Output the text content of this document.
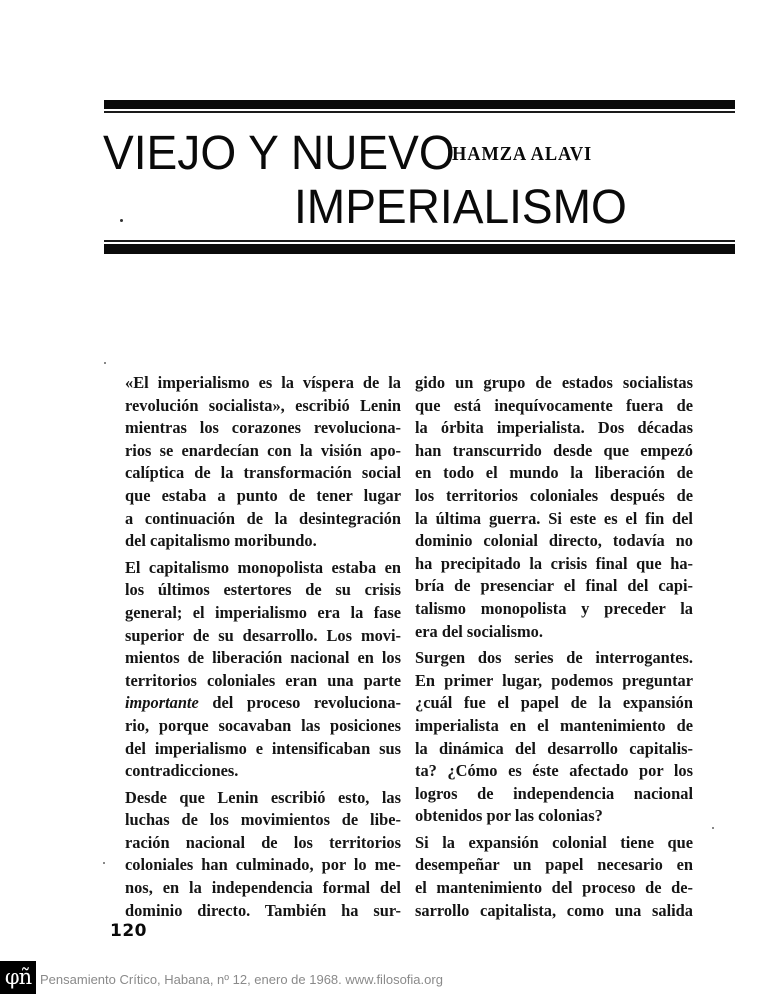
VIEJO Y NUEVO
HAMZA ALAVI
IMPERIALISMO
«El imperialismo es la víspera de la
revolución socialista», escribió Lenin
mientras los corazones revoluciona-
rios se enardecían con la visión apo-
calíptica de la transformación social
que estaba a punto de tener lugar
a continuación de la desintegración
del capitalismo moribundo.
El capitalismo monopolista estaba en
los últimos estertores de su crisis
general; el imperialismo era la fase
superior de su desarrollo. Los movi-
mientos de liberación nacional en los
territorios coloniales eran una parte
importante del proceso revoluciona-
rio, porque socavaban las posiciones
del imperialismo e intensificaban sus
contradicciones.
Desde que Lenin escribió esto, las
luchas de los movimientos de libe-
ración nacional de los territorios
coloniales han culminado, por lo me-
nos, en la independencia formal del
dominio directo. También ha sur-
gido un grupo de estados socialistas
que está inequívocamente fuera de
la órbita imperialista. Dos décadas
han transcurrido desde que empezó
en todo el mundo la liberación de
los territorios coloniales después de
la última guerra. Si este es el fin del
dominio colonial directo, todavía no
ha precipitado la crisis final que ha-
bría de presenciar el final del capi-
talismo monopolista y preceder la
era del socialismo.
Surgen dos series de interrogantes.
En primer lugar, podemos preguntar
¿cuál fue el papel de la expansión
imperialista en el mantenimiento de
la dinámica del desarrollo capitalis-
ta? ¿Cómo es éste afectado por los
logros de independencia nacional
obtenidos por las colonias?
Si la expansión colonial tiene que
desempeñar un papel necesario en
el mantenimiento del proceso de de-
sarrollo capitalista, como una salida
120
φñ Pensamiento Crítico, Habana, nº 12, enero de 1968. www.filosofia.org
